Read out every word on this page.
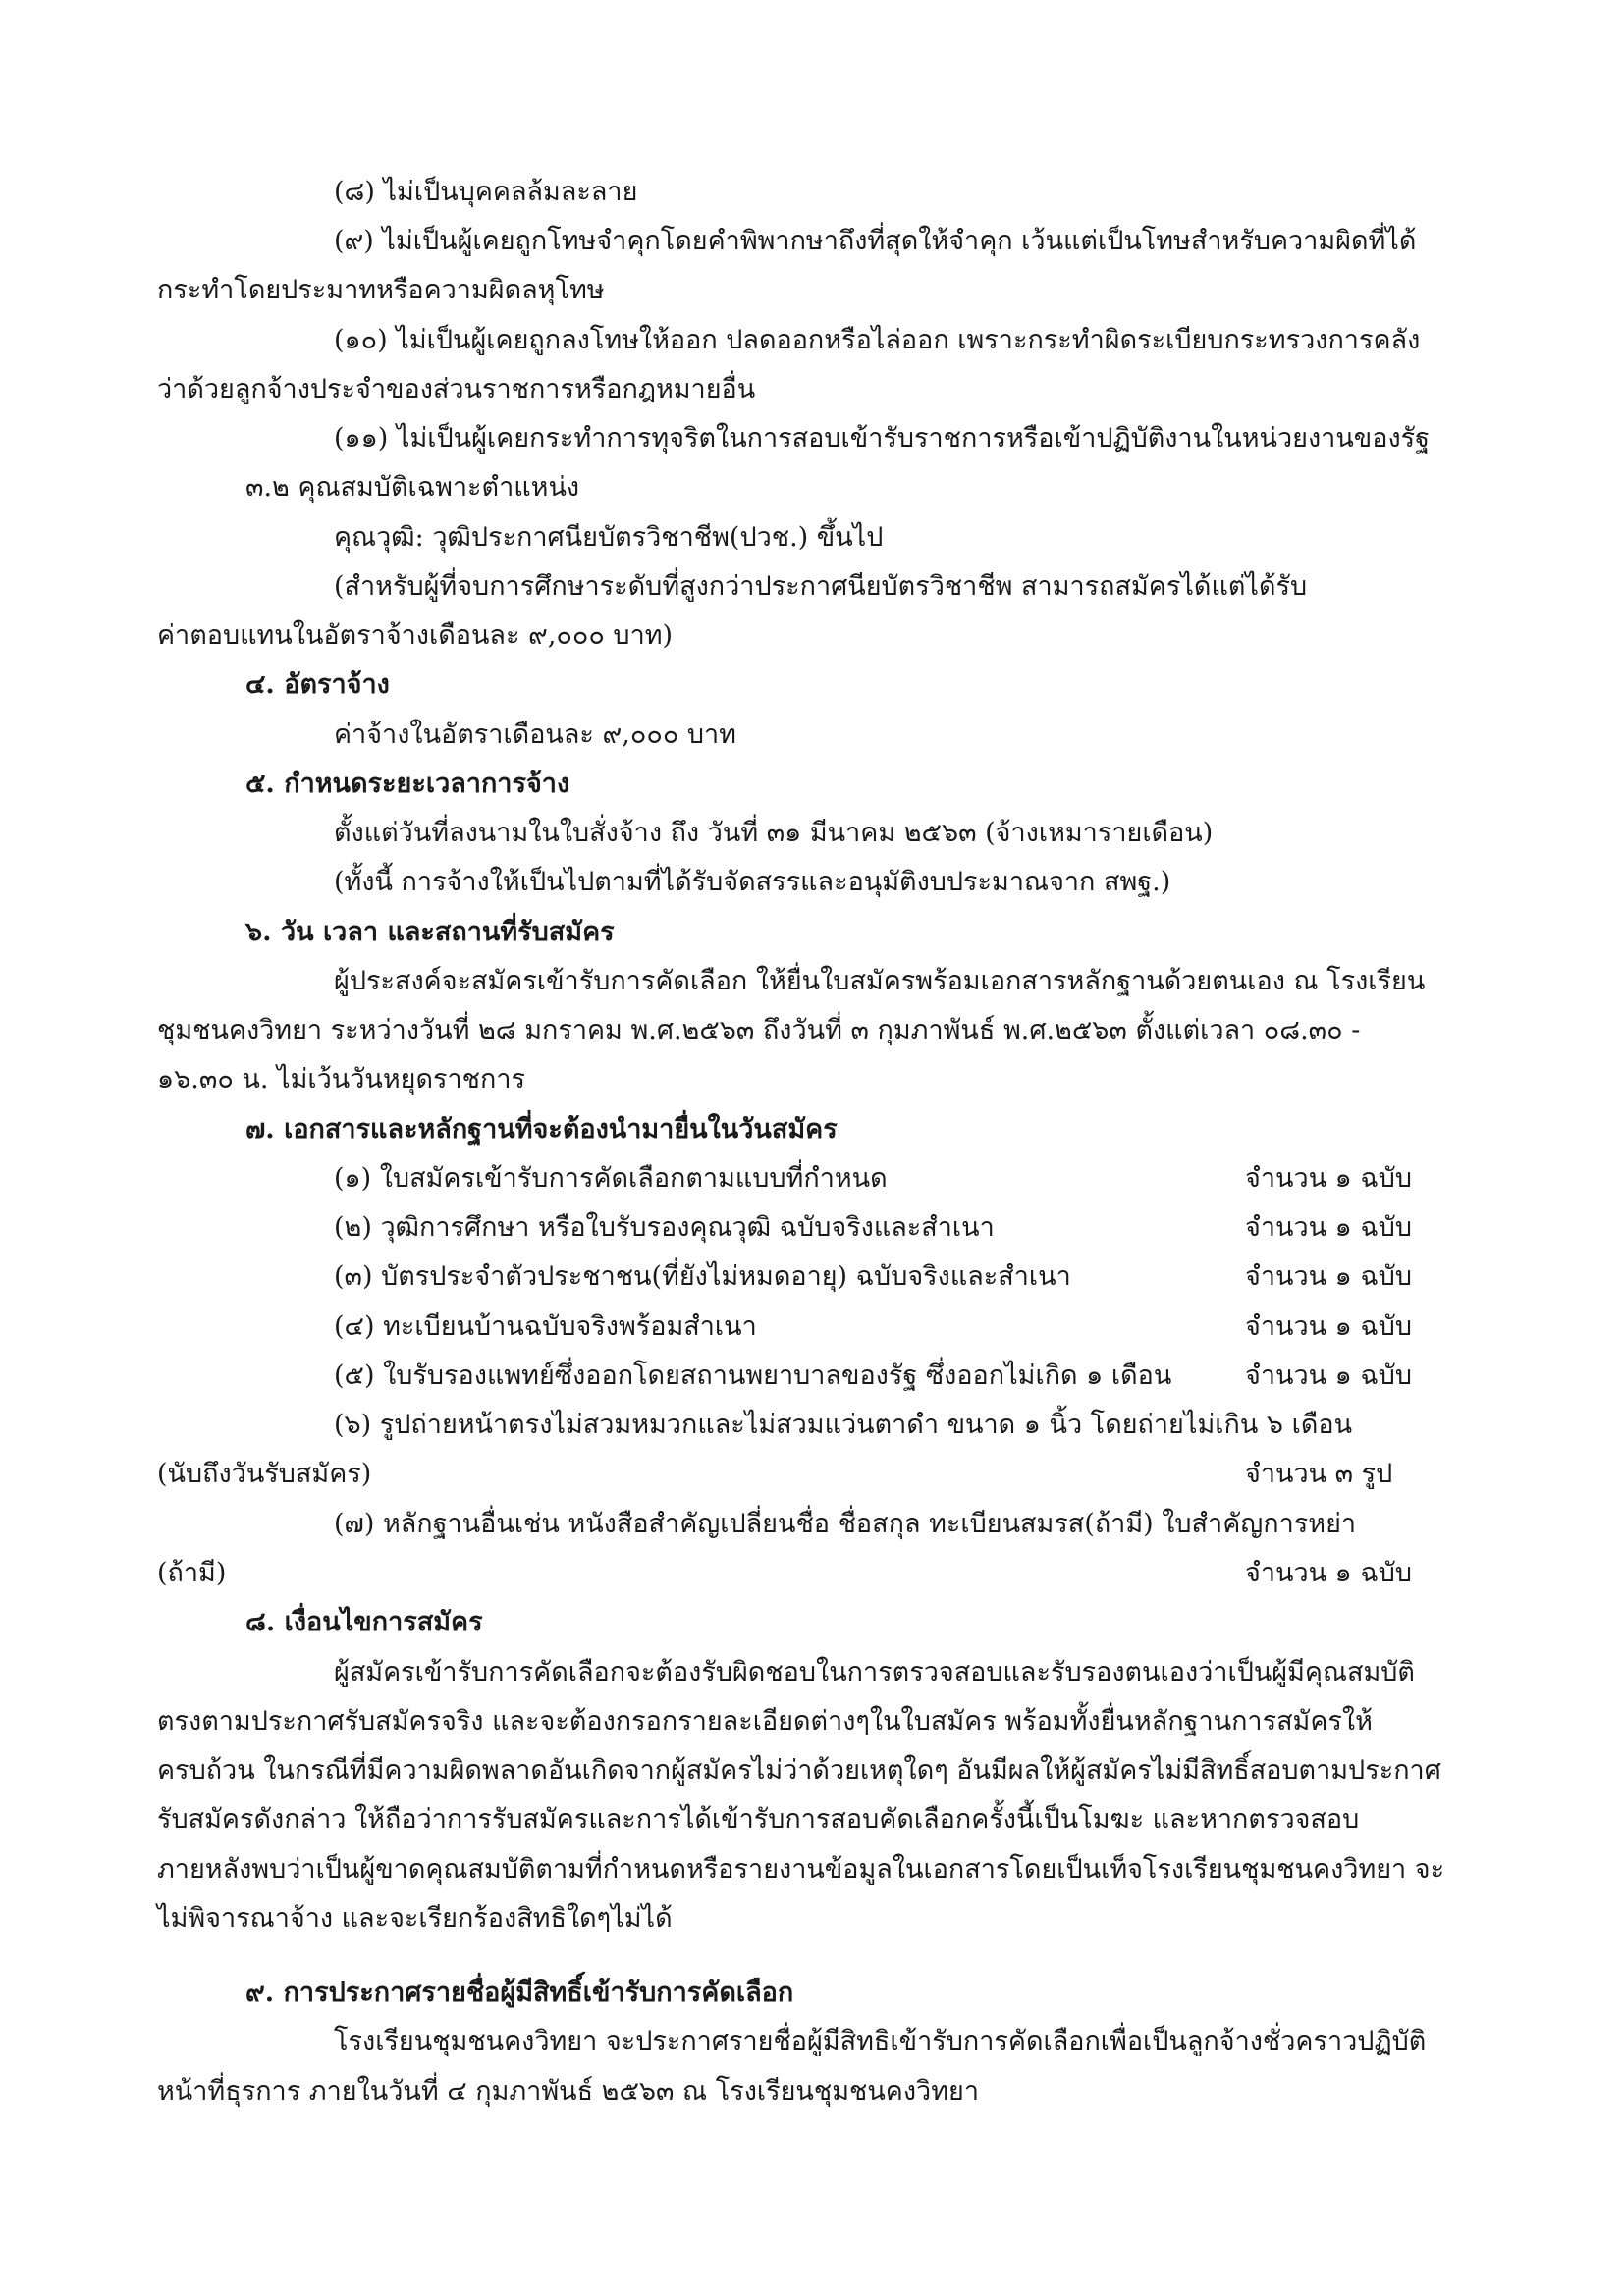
(๘) ไม่เป็นบุคคลล้มละลาย
(๙) ไม่เป็นผู้เคยถูกโทษจำคุกโดยคำพิพากษาถึงที่สุดให้จำคุก เว้นแต่เป็นโทษสำหรับความผิดที่ได้
กระทำโดยประมาทหรือความผิดลหุโทษ
(๑๐) ไม่เป็นผู้เคยถูกลงโทษให้ออก ปลดออกหรือไล่ออก เพราะกระทำผิดระเบียบกระทรวงการคลัง
ว่าด้วยลูกจ้างประจำของส่วนราชการหรือกฎหมายอื่น
(๑๑) ไม่เป็นผู้เคยกระทำการทุจริตในการสอบเข้ารับราชการหรือเข้าปฏิบัติงานในหน่วยงานของรัฐ
๓.๒ คุณสมบัติเฉพาะตำแหน่ง
คุณวุฒิ: วุฒิประกาศนียบัตรวิชาชีพ(ปวช.) ขึ้นไป
(สำหรับผู้ที่จบการศึกษาระดับที่สูงกว่าประกาศนียบัตรวิชาชีพ สามารถสมัครได้แต่ได้รับ
ค่าตอบแทนในอัตราจ้างเดือนละ ๙,๐๐๐ บาท)
๔. อัตราจ้าง
ค่าจ้างในอัตราเดือนละ ๙,๐๐๐ บาท
๕. กำหนดระยะเวลาการจ้าง
ตั้งแต่วันที่ลงนามในใบสั่งจ้าง ถึง วันที่ ๓๑ มีนาคม ๒๕๖๓ (จ้างเหมารายเดือน)
(ทั้งนี้ การจ้างให้เป็นไปตามที่ได้รับจัดสรรและอนุมัติงบประมาณจาก สพฐ.)
๖. วัน เวลา และสถานที่รับสมัคร
ผู้ประสงค์จะสมัครเข้ารับการคัดเลือก ให้ยื่นใบสมัครพร้อมเอกสารหลักฐานด้วยตนเอง ณ โรงเรียน
ชุมชนคงวิทยา ระหว่างวันที่ ๒๘ มกราคม พ.ศ.๒๕๖๓ ถึงวันที่ ๓ กุมภาพันธ์ พ.ศ.๒๕๖๓ ตั้งแต่เวลา ๐๘.๓๐ -
๑๖.๓๐ น. ไม่เว้นวันหยุดราชการ
๗. เอกสารและหลักฐานที่จะต้องนำมายื่นในวันสมัคร
(๑) ใบสมัครเข้ารับการคัดเลือกตามแบบที่กำหนด	จำนวน ๑ ฉบับ
(๒) วุฒิการศึกษา หรือใบรับรองคุณวุฒิ ฉบับจริงและสำเนา	จำนวน ๑ ฉบับ
(๓) บัตรประจำตัวประชาชน(ที่ยังไม่หมดอายุ) ฉบับจริงและสำเนา	จำนวน ๑ ฉบับ
(๔) ทะเบียนบ้านฉบับจริงพร้อมสำเนา	จำนวน ๑ ฉบับ
(๕) ใบรับรองแพทย์ซึ่งออกโดยสถานพยาบาลของรัฐ ซึ่งออกไม่เกิด ๑ เดือน	จำนวน ๑ ฉบับ
(๖) รูปถ่ายหน้าตรงไม่สวมหมวกและไม่สวมแว่นตาดำ ขนาด ๑ นิ้ว โดยถ่ายไม่เกิน ๖ เดือน
(นับถึงวันรับสมัคร)	จำนวน ๓ รูป
(๗) หลักฐานอื่นเช่น หนังสือสำคัญเปลี่ยนชื่อ ชื่อสกุล ทะเบียนสมรส(ถ้ามี) ใบสำคัญการหย่า
(ถ้ามี)	จำนวน ๑ ฉบับ
๘. เงื่อนไขการสมัคร
ผู้สมัครเข้ารับการคัดเลือกจะต้องรับผิดชอบในการตรวจสอบและรับรองตนเองว่าเป็นผู้มีคุณสมบัติ
ตรงตามประกาศรับสมัครจริง และจะต้องกรอกรายละเอียดต่างๆในใบสมัคร พร้อมทั้งยื่นหลักฐานการสมัครให้
ครบถ้วน ในกรณีที่มีความผิดพลาดอันเกิดจากผู้สมัครไม่ว่าด้วยเหตุใดๆ อันมีผลให้ผู้สมัครไม่มีสิทธิ์สอบตามประกาศ
รับสมัครดังกล่าว ให้ถือว่าการรับสมัครและการได้เข้ารับการสอบคัดเลือกครั้งนี้เป็นโมฆะ และหากตรวจสอบ
ภายหลังพบว่าเป็นผู้ขาดคุณสมบัติตามที่กำหนดหรือรายงานข้อมูลในเอกสารโดยเป็นเท็จโรงเรียนชุมชนคงวิทยา จะ
ไม่พิจารณาจ้าง และจะเรียกร้องสิทธิใดๆไม่ได้
๙. การประกาศรายชื่อผู้มีสิทธิ์เข้ารับการคัดเลือก
โรงเรียนชุมชนคงวิทยา จะประกาศรายชื่อผู้มีสิทธิเข้ารับการคัดเลือกเพื่อเป็นลูกจ้างชั่วคราวปฏิบัติ
หน้าที่ธุรการ ภายในวันที่ ๔ กุมภาพันธ์ ๒๕๖๓ ณ โรงเรียนชุมชนคงวิทยา
